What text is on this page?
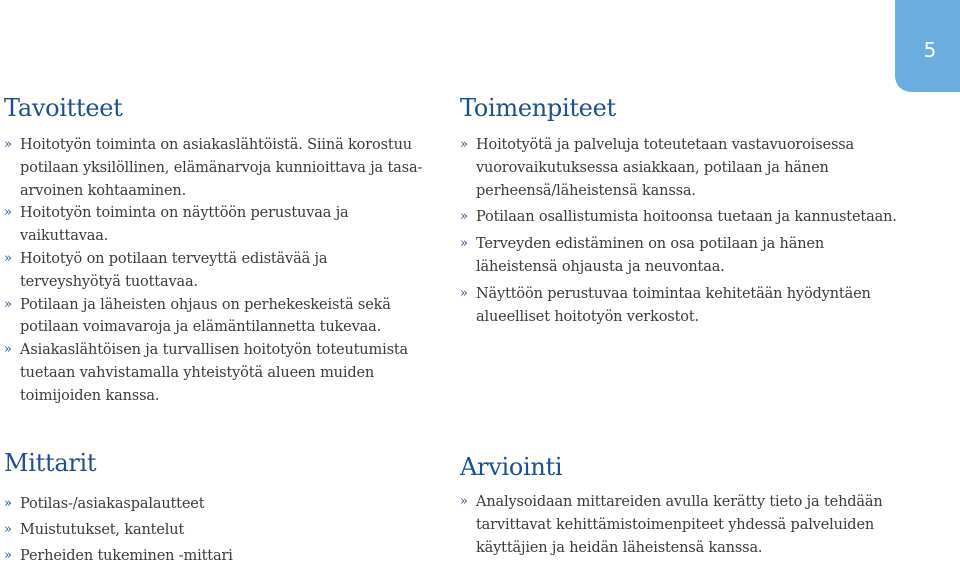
5
Tavoitteet
» Hoitotyön toiminta on asiakaslähtöistä. Siinä korostuu potilaan yksilöllinen, elämänarvoja kunnioittava ja tasa-arvoinen kohtaaminen.
» Hoitotyön toiminta on näyttöön perustuvaa ja vaikuttavaa.
» Hoitotyö on potilaan terveyttä edistävää ja terveyshyötyä tuottavaa.
» Potilaan ja läheisten ohjaus on perhekeskeistä sekä potilaan voimavaroja ja elämäntilannetta tukevaa.
» Asiakaslähtöisen ja turvallisen hoitotyön toteutumista tuetaan vahvistamalla yhteistyötä alueen muiden toimijoiden kanssa.
Toimenpiteet
» Hoitotyötä ja palveluja toteutetaan vastavuoroisessa vuorovaikutuksessa asiakkaan, potilaan ja hänen perheensä/läheistensä kanssa.
» Potilaan osallistumista hoitoonsa tuetaan ja kannustetaan.
» Terveyden edistäminen on osa potilaan ja hänen läheistensä ohjausta ja neuvontaa.
» Näyttöön perustuvaa toimintaa kehitetään hyödyntäen alueelliset hoitotyön verkostot.
Mittarit
» Potilas-/asiakaspalautteet
» Muistutukset, kantelut
» Perheiden tukeminen -mittari
Arviointi
» Analysoidaan mittareiden avulla kerätty tieto ja tehdään tarvittavat kehittämistoimenpiteet yhdessä palveluiden käyttäjien ja heidän läheistensä kanssa.
